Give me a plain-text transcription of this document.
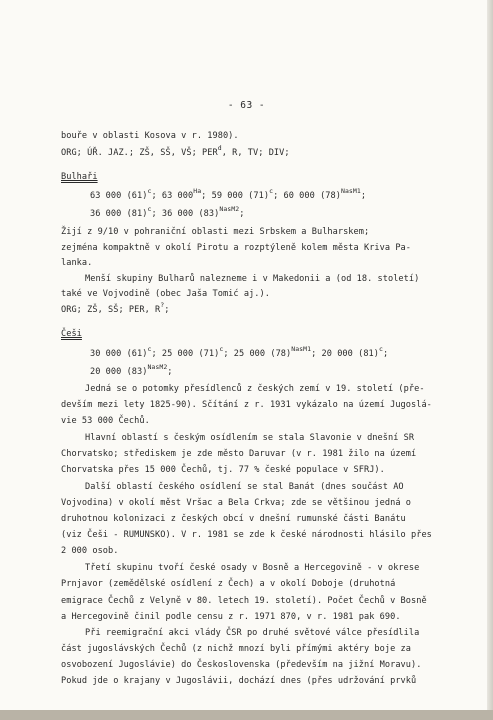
- 63 -
bouře v oblasti Kosova v r. 1980).
ORG; ÚŘ. JAZ.; ZŠ, SŠ, VŠ; PER$^d$, R, TV; DIV;
Bulhaři
63 000 $(61)^c$; 63 $000^{Ha}$; 59 000 $(71)^c$; 60 000 $(78)^{NasM1}$;
36 000 $(81)^c$; 36 000 $(83)^{NasM2}$;
Žijí z 9/10 v pohraniční oblasti mezi Srbskem a Bulharskem;
zejména kompaktně v okolí Pirotu a rozptýleně kolem města Kriva Pa-
lanka.
Menší skupiny Bulharů nalezneme i v Makedonii a (od 18. století)
také ve Vojvodině (obec Jaša Tomić aj.).
ORG; ZŠ, SŠ; PER, R?;
Češi
30 000 $(61)^c$; 25 000 $(71)^c$; 25 000 $(78)^{NasM1}$; 20 000 $(81)^c$;
20 000 $(83)^{NasM2}$;
Jedná se o potomky přesídlenců z českých zemí v 19. století (pře-
devším mezi lety 1825-90). Sčítání z r. 1931 vykázalo na území Jugoslá-
vie 53 000 Čechů.
Hlavní oblastí s českým osídlením se stala Slavonie v dnešní SR
Chorvatsko; střediskem je zde město Daruvar (v r. 1981 žilo na území
Chorvatska přes 15 000 Čechů, tj. 77 % české populace v SFRJ).
Další oblastí českého osídlení se stal Banát (dnes součást AO
Vojvodina) v okolí měst Vršac a Bela Crkva; zde se většinou jedná o
druhotnou kolonizaci z českých obcí v dnešní rumunské části Banátu
(viz Češi - RUMUNSKO). V r. 1981 se zde k české národnosti hlásilo přes
2 000 osob.
Třetí skupinu tvoří české osady v Bosně a Hercegovině - v okrese
Prnjavor (zemědělské osídlení z Čech) a v okolí Doboje (druhotná
emigrace Čechů z Velyně v 80. letech 19. století). Počet Čechů v Bosně
a Hercegovině činil podle censu z r. 1971 870, v r. 1981 pak 690.
Při reemigrační akci vlády ČSR po druhé světové válce přesídlila
část jugoslávských Čechů (z nichž mnozí byli přímými aktéry boje za
osvobození Jugoslávie) do Československa (především na jižní Moravu).
Pokud jde o krajany v Jugoslávii, dochází dnes (přes udržování prvků
